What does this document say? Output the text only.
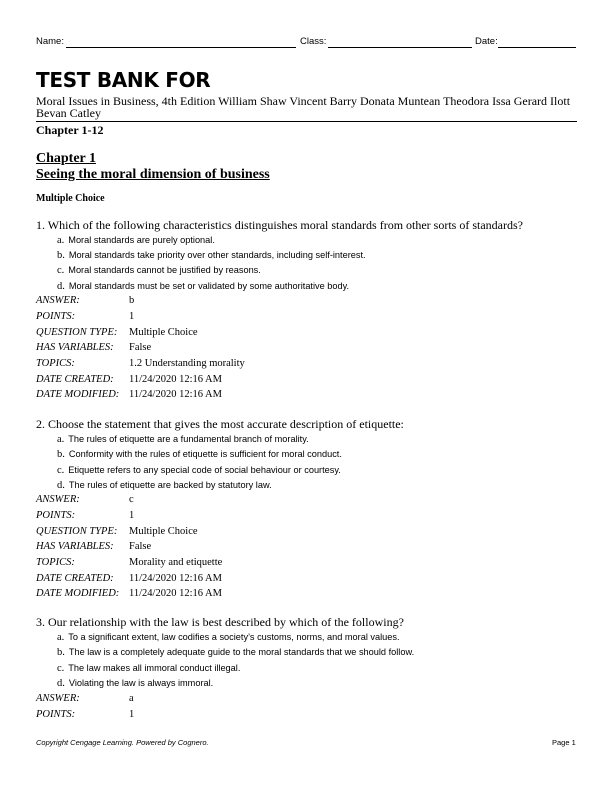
Name:	Class:	Date:
TEST BANK FOR
Moral Issues in Business, 4th Edition William Shaw Vincent Barry Donata Muntean Theodora Issa Gerard Ilott
Bevan Catley
Chapter 1-12
Chapter 1
Seeing the moral dimension of business
Multiple Choice
1. Which of the following characteristics distinguishes moral standards from other sorts of standards?
a. Moral standards are purely optional.
b. Moral standards take priority over other standards, including self-interest.
c. Moral standards cannot be justified by reasons.
d. Moral standards must be set or validated by some authoritative body.
ANSWER:	b
POINTS:	1
QUESTION TYPE: Multiple Choice
HAS VARIABLES: False
TOPICS:	1.2 Understanding morality
DATE CREATED: 11/24/2020 12:16 AM
DATE MODIFIED: 11/24/2020 12:16 AM
2. Choose the statement that gives the most accurate description of etiquette:
a. The rules of etiquette are a fundamental branch of morality.
b. Conformity with the rules of etiquette is sufficient for moral conduct.
c. Etiquette refers to any special code of social behaviour or courtesy.
d. The rules of etiquette are backed by statutory law.
ANSWER:	c
POINTS:	1
QUESTION TYPE: Multiple Choice
HAS VARIABLES: False
TOPICS:	Morality and etiquette
DATE CREATED: 11/24/2020 12:16 AM
DATE MODIFIED: 11/24/2020 12:16 AM
3. Our relationship with the law is best described by which of the following?
a. To a significant extent, law codifies a society’s customs, norms, and moral values.
b. The law is a completely adequate guide to the moral standards that we should follow.
c. The law makes all immoral conduct illegal.
d. Violating the law is always immoral.
ANSWER:	a
POINTS:	1
Copyright Cengage Learning. Powered by Cognero.	Page 1
